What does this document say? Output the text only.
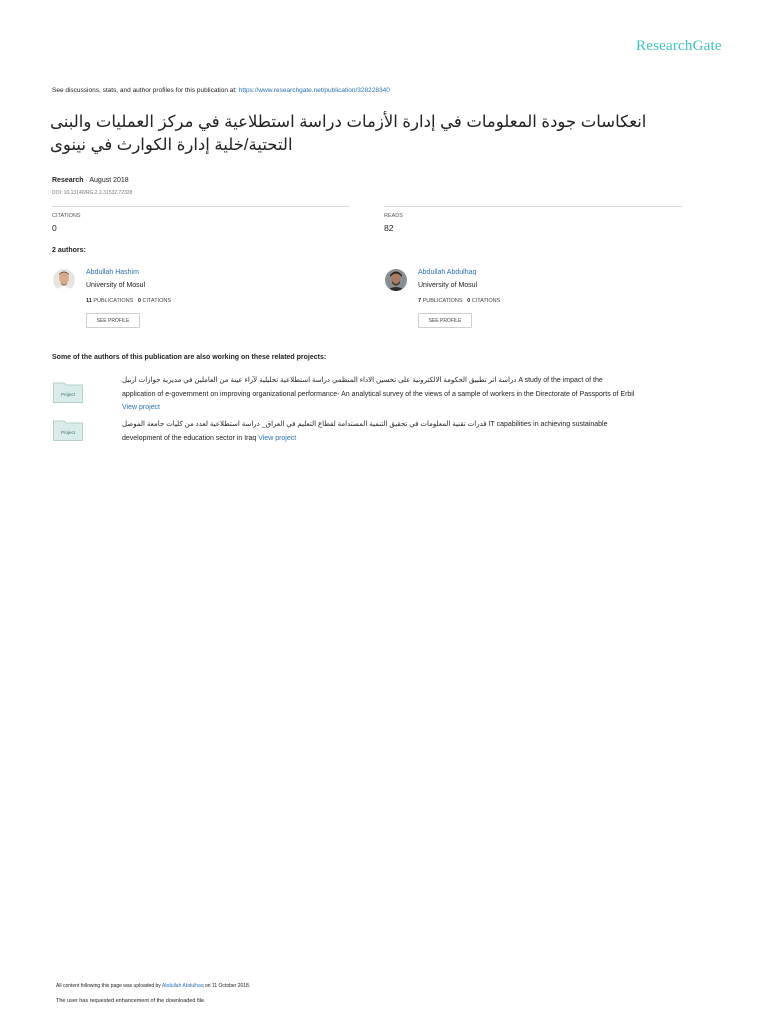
ResearchGate
See discussions, stats, and author profiles for this publication at: https://www.researchgate.net/publication/328228340
انعكاسات جودة المعلومات في إدارة الأزمات دراسة استطلاعية في مركز العمليات والبنى
التحتية/خلية إدارة الكوارث في نينوى
Research · August 2018
DOI: 10.13140/RG.2.2.31532.72328
CITATIONS
0
READS
82
2 authors:
Abdullah Hashim
University of Mosul
11 PUBLICATIONS 0 CITATIONS
SEE PROFILE
Abdullah Abdulhaq
University of Mosul
7 PUBLICATIONS 0 CITATIONS
SEE PROFILE
Some of the authors of this publication are also working on these related projects:
Project
دراسة اثر تطبيق الحكومة الالكترونية على تحسين الاداء المنظمي دراسة استطلاعية تحليلية لآراء عينة من العاملين في مديرية جوازات اربيل A study of the impact of the
application of e-government on improving organizational performance- An analytical survey of the views of a sample of workers in the Directorate of Passports of Erbil
View project
Project
قدرات تقنية المعلومات في تحقيق التنمية المستدامة لقطاع التعليم في العراق_ دراسة استطلاعية لعدد من كليات جامعة الموصل IT capabilities in achieving sustainable
development of the education sector in Iraq View project
All content following this page was uploaded by Abdullah Abdulhaq on 11 October 2018.
The user has requested enhancement of the downloaded file.
